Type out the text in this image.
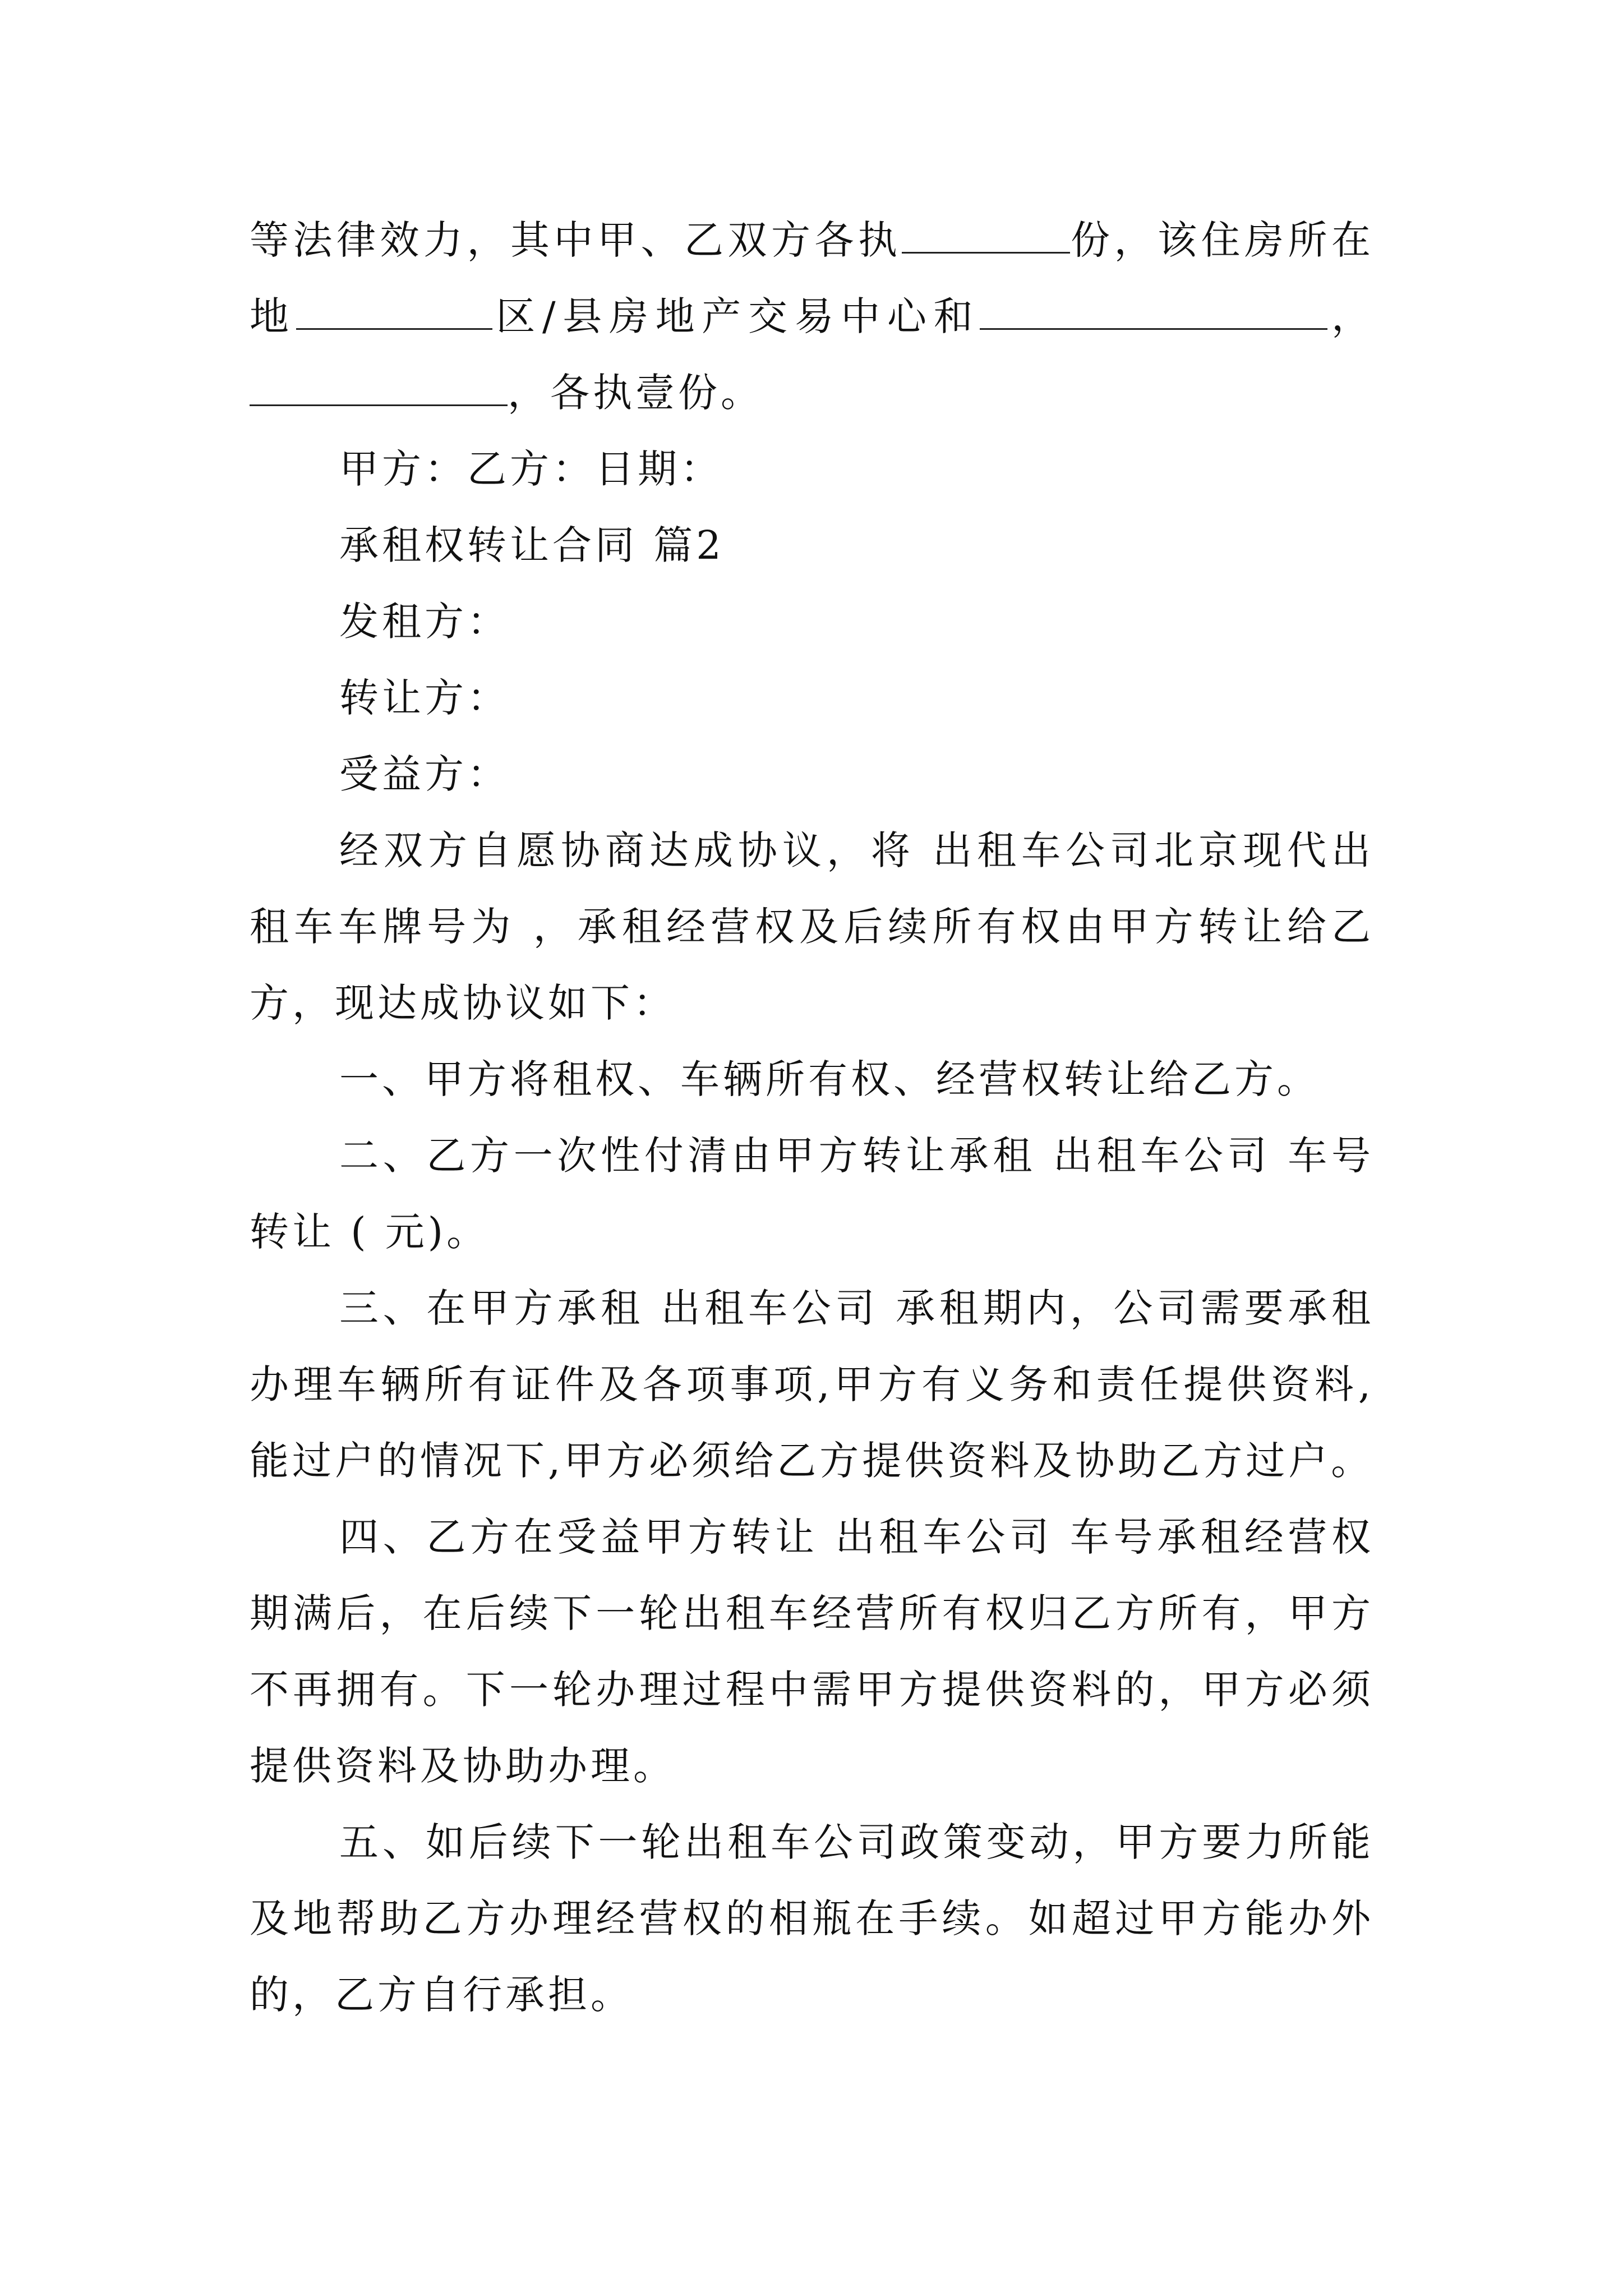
等法律效力，其中甲、乙双方各执	份，该住房所在地	区/县房地产交易中心和	，，各执壹份。

甲方：乙方：日期：

承租权转让合同 篇2

发租方：

转让方：

受益方：

经双方自愿协商达成协议，将 出租车公司北京现代出租车车牌号为 ，承租经营权及后续所有权由甲方转让给乙方，现达成协议如下：

一、甲方将租权、车辆所有权、经营权转让给乙方。

二、乙方一次性付清由甲方转让承租 出租车公司 车号转让 ( 元)。

三、在甲方承租 出租车公司 承租期内，公司需要承租办理车辆所有证件及各项事项,甲方有义务和责任提供资料,能过户的情况下,甲方必须给乙方提供资料及协助乙方过户。

四、乙方在受益甲方转让 出租车公司 车号承租经营权期满后，在后续下一轮出租车经营所有权归乙方所有，甲方不再拥有。下一轮办理过程中需甲方提供资料的，甲方必须提供资料及协助办理。

五、如后续下一轮出租车公司政策变动，甲方要力所能及地帮助乙方办理经营权的相瓶在手续。如超过甲方能办外的，乙方自行承担。
